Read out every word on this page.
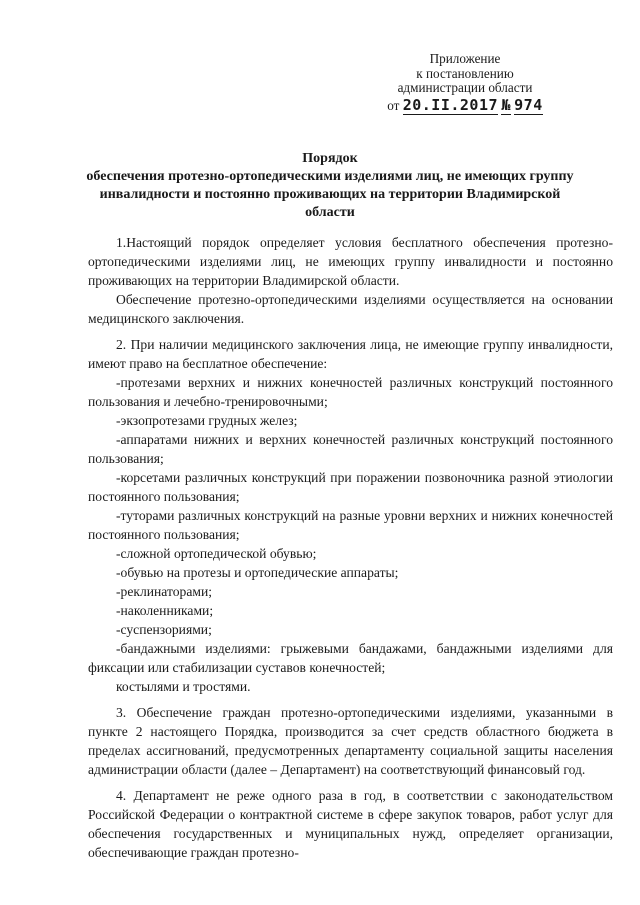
Приложение
к постановлению
администрации области
от 20.II.2017 № 974
Порядок
обеспечения протезно-ортопедическими изделиями лиц, не имеющих группу инвалидности и постоянно проживающих на территории Владимирской области

1.Настоящий порядок определяет условия бесплатного обеспечения протезно-ортопедическими изделиями лиц, не имеющих группу инвалидности и постоянно проживающих на территории Владимирской области.

Обеспечение протезно-ортопедическими изделиями осуществляется на основании медицинского заключения.

2. При наличии медицинского заключения лица, не имеющие группу инвалидности, имеют право на бесплатное обеспечение:

-протезами верхних и нижних конечностей различных конструкций постоянного пользования и лечебно-тренировочными;

-экзопротезами грудных желез;

-аппаратами нижних и верхних конечностей различных конструкций постоянного пользования;

-корсетами различных конструкций при поражении позвоночника разной этиологии постоянного пользования;

-туторами различных конструкций на разные уровни верхних и нижних конечностей постоянного пользования;

-сложной ортопедической обувью;

-обувью на протезы и ортопедические аппараты;

-реклинаторами;

-наколенниками;

-суспензориями;

-бандажными изделиями: грыжевыми бандажами, бандажными изделиями для фиксации или стабилизации суставов конечностей;

костылями и тростями.

3. Обеспечение граждан протезно-ортопедическими изделиями, указанными в пункте 2 настоящего Порядка, производится за счет средств областного бюджета в пределах ассигнований, предусмотренных департаменту социальной защиты населения администрации области (далее – Департамент) на соответствующий финансовый год.

4. Департамент не реже одного раза в год, в соответствии с законодательством Российской Федерации о контрактной системе в сфере закупок товаров, работ услуг для обеспечения государственных и муниципальных нужд, определяет организации, обеспечивающие граждан протезно-
